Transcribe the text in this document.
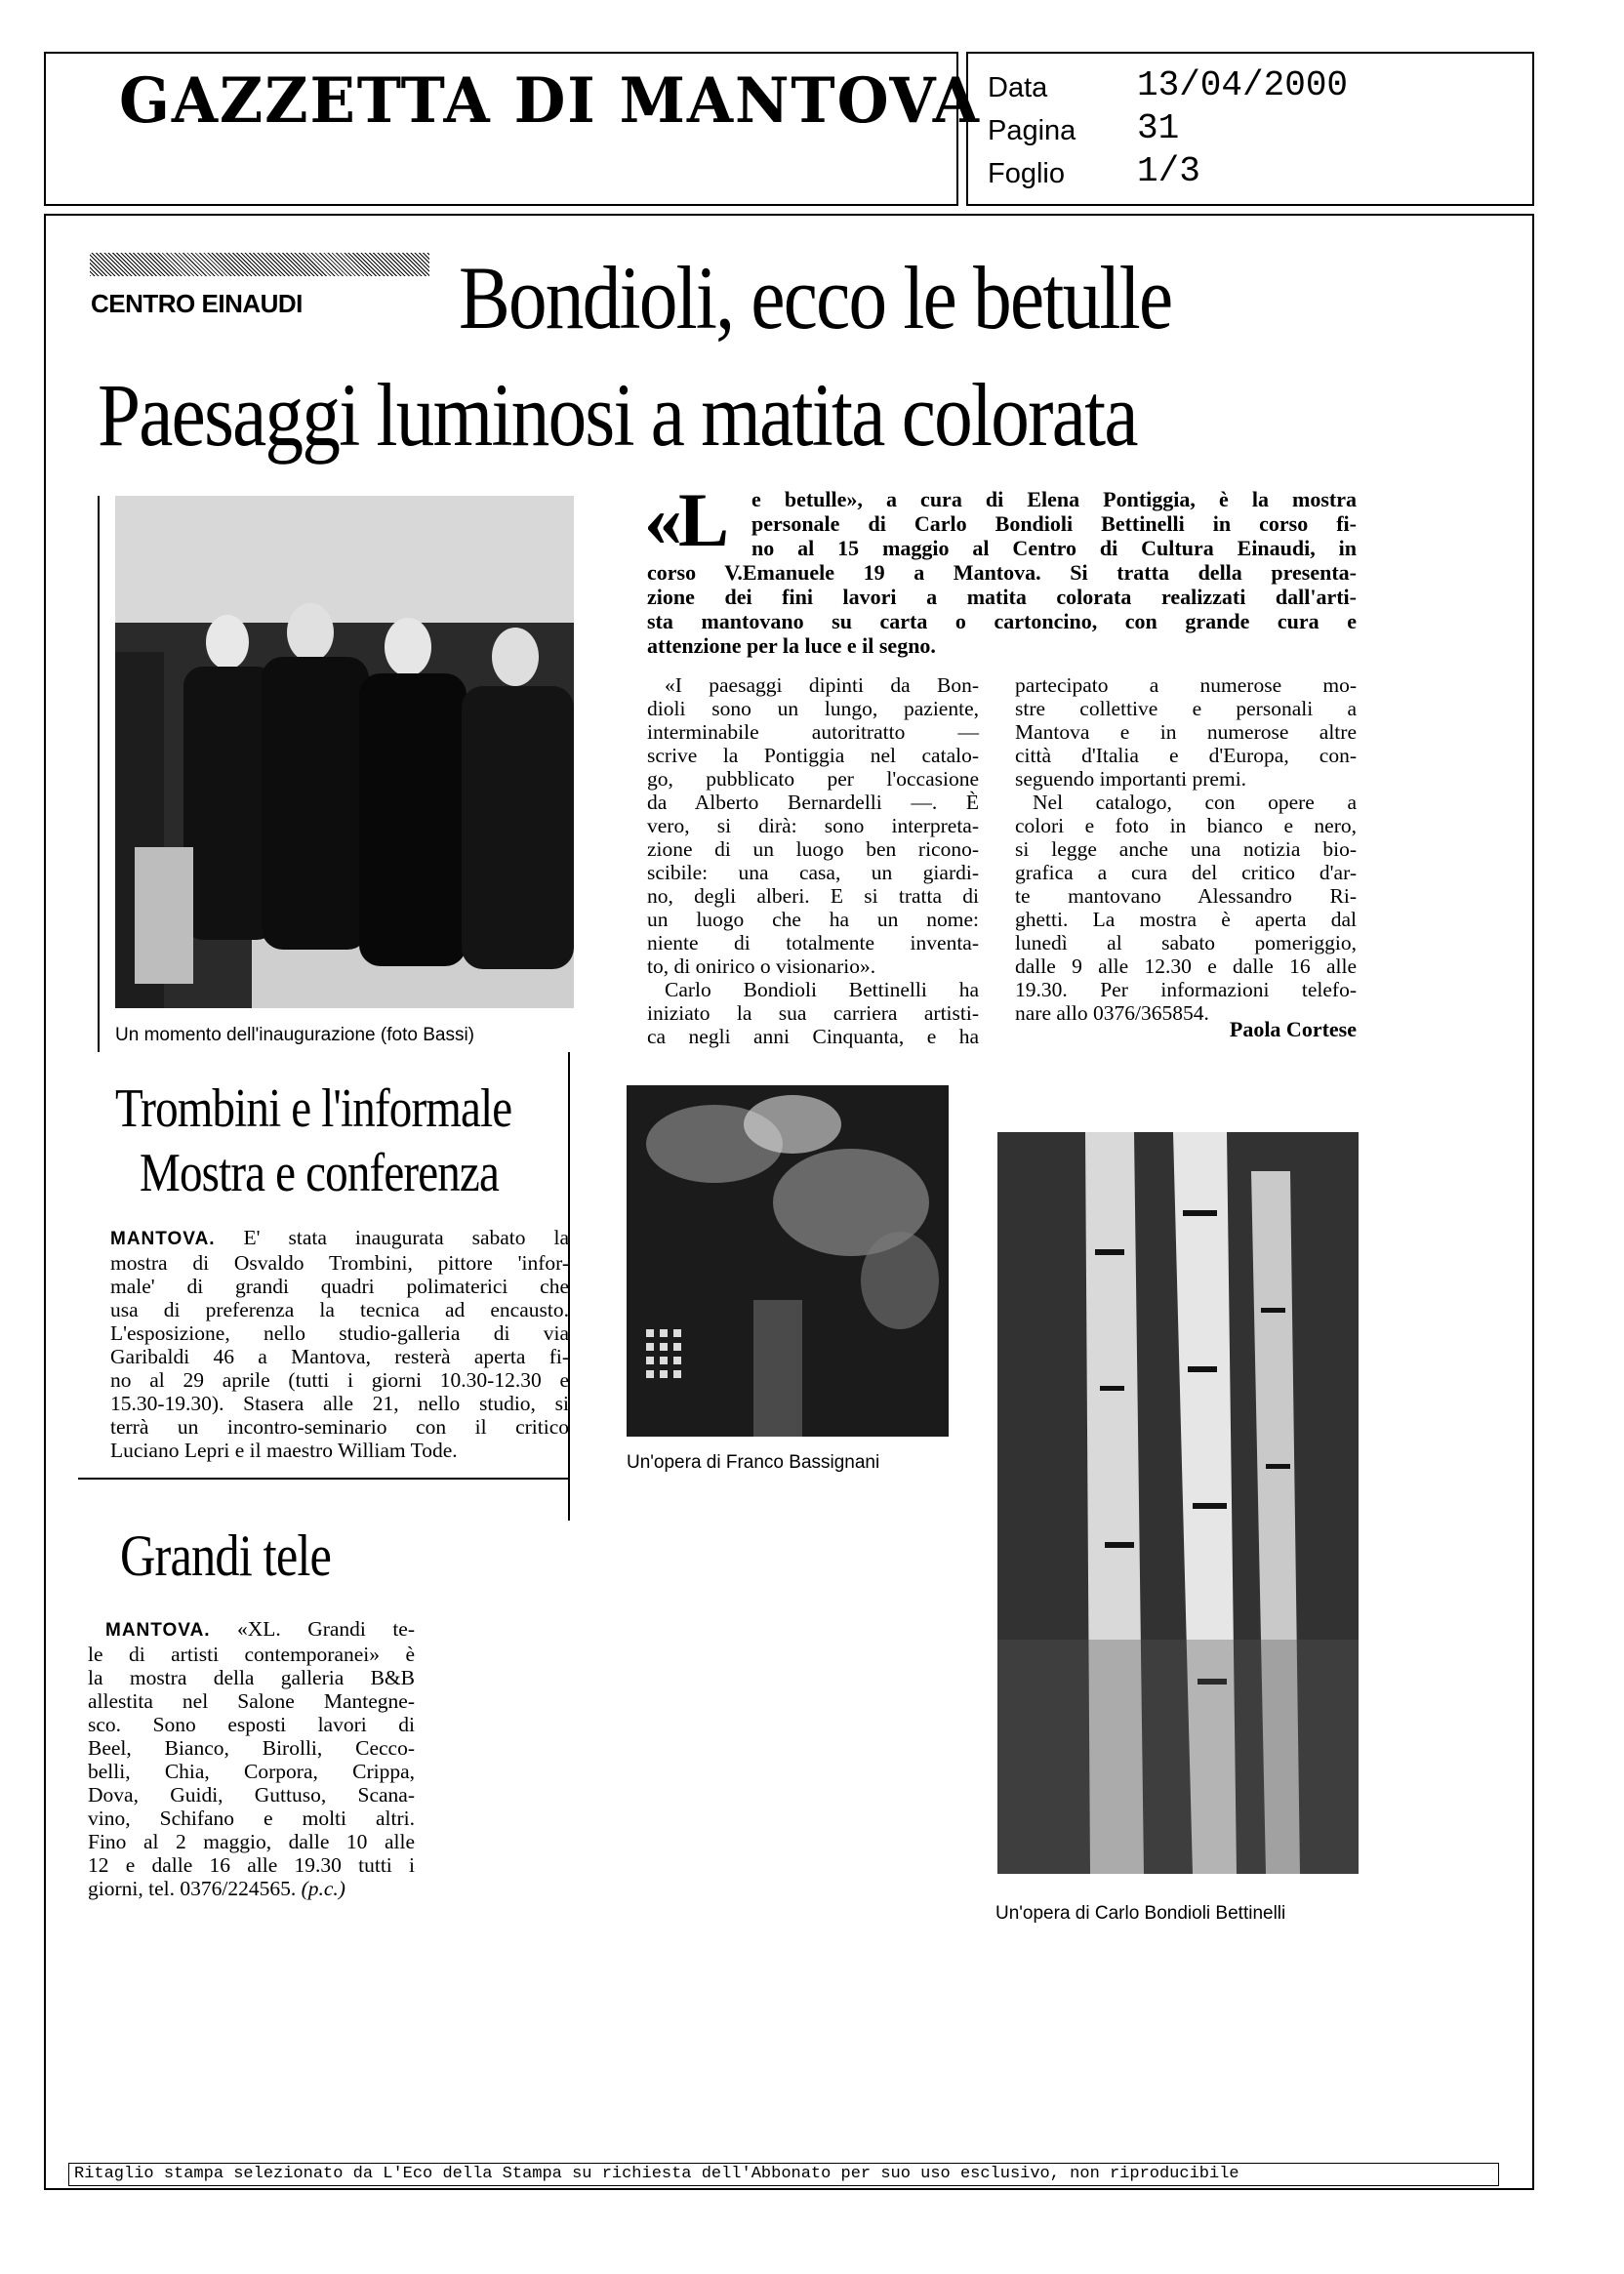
GAZZETTA DI MANTOVA Data	13/04/2000
Pagina 31
Foglio 1/3
CENTRO EINAUDI Bondioli, ecco le betulle
Paesaggi luminosi a matita colorata
Un momento dell'inaugurazione (foto Bassi)
«L e betulle», a cura di Elena Pontiggia, è la mostra
personale di Carlo Bondioli Bettinelli in corso fi-
no al 15 maggio al Centro di Cultura Einaudi, in
corso V.Emanuele 19 a Mantova. Si tratta della presenta-
zione dei fini lavori a matita colorata realizzati dall'arti-
sta mantovano su carta o cartoncino, con grande cura e
attenzione per la luce e il segno.
«I paesaggi dipinti da Bon-
dioli sono un lungo, paziente,
interminabile autoritratto —
scrive la Pontiggia nel catalo-
go, pubblicato per l'occasione
da Alberto Bernardelli —. È
vero, si dirà: sono interpreta-
zione di un luogo ben ricono-
scibile: una casa, un giardi-
no, degli alberi. E si tratta di
un luogo che ha un nome:
niente di totalmente inventa-
to, di onirico o visionario».
Carlo Bondioli Bettinelli ha
iniziato la sua carriera artisti-
ca negli anni Cinquanta, e ha
partecipato a numerose mo-
stre collettive e personali a
Mantova e in numerose altre
città d'Italia e d'Europa, con-
seguendo importanti premi.
Nel catalogo, con opere a
colori e foto in bianco e nero,
si legge anche una notizia bio-
grafica a cura del critico d'ar-
te mantovano Alessandro Ri-
ghetti. La mostra è aperta dal
lunedì al sabato pomeriggio,
dalle 9 alle 12.30 e dalle 16 alle
19.30. Per informazioni telefo-
nare allo 0376/365854.
Paola Cortese
Trombini e l'informale
Mostra e conferenza
MANTOVA. E' stata inaugurata sabato la
mostra di Osvaldo Trombini, pittore 'infor-
male' di grandi quadri polimaterici che
usa di preferenza la tecnica ad encausto.
L'esposizione, nello studio-galleria di via
Garibaldi 46 a Mantova, resterà aperta fi-
no al 29 aprile (tutti i giorni 10.30-12.30 e
15.30-19.30). Stasera alle 21, nello studio, si
terrà un incontro-seminario con il critico
Luciano Lepri e il maestro William Tode.
Un'opera di Franco Bassignani
Un'opera di Carlo Bondioli Bettinelli
Grandi tele
MANTOVA. «XL. Grandi te-
le di artisti contemporanei» è
la mostra della galleria B&B
allestita nel Salone Mantegne-
sco. Sono esposti lavori di
Beel, Bianco, Birolli, Cecco-
belli, Chia, Corpora, Crippa,
Dova, Guidi, Guttuso, Scana-
vino, Schifano e molti altri.
Fino al 2 maggio, dalle 10 alle
12 e dalle 16 alle 19.30 tutti i
giorni, tel. 0376/224565. (p.c.)
Ritaglio stampa selezionato da L'Eco della Stampa su richiesta dell'Abbonato per suo uso esclusivo, non riproducibile
